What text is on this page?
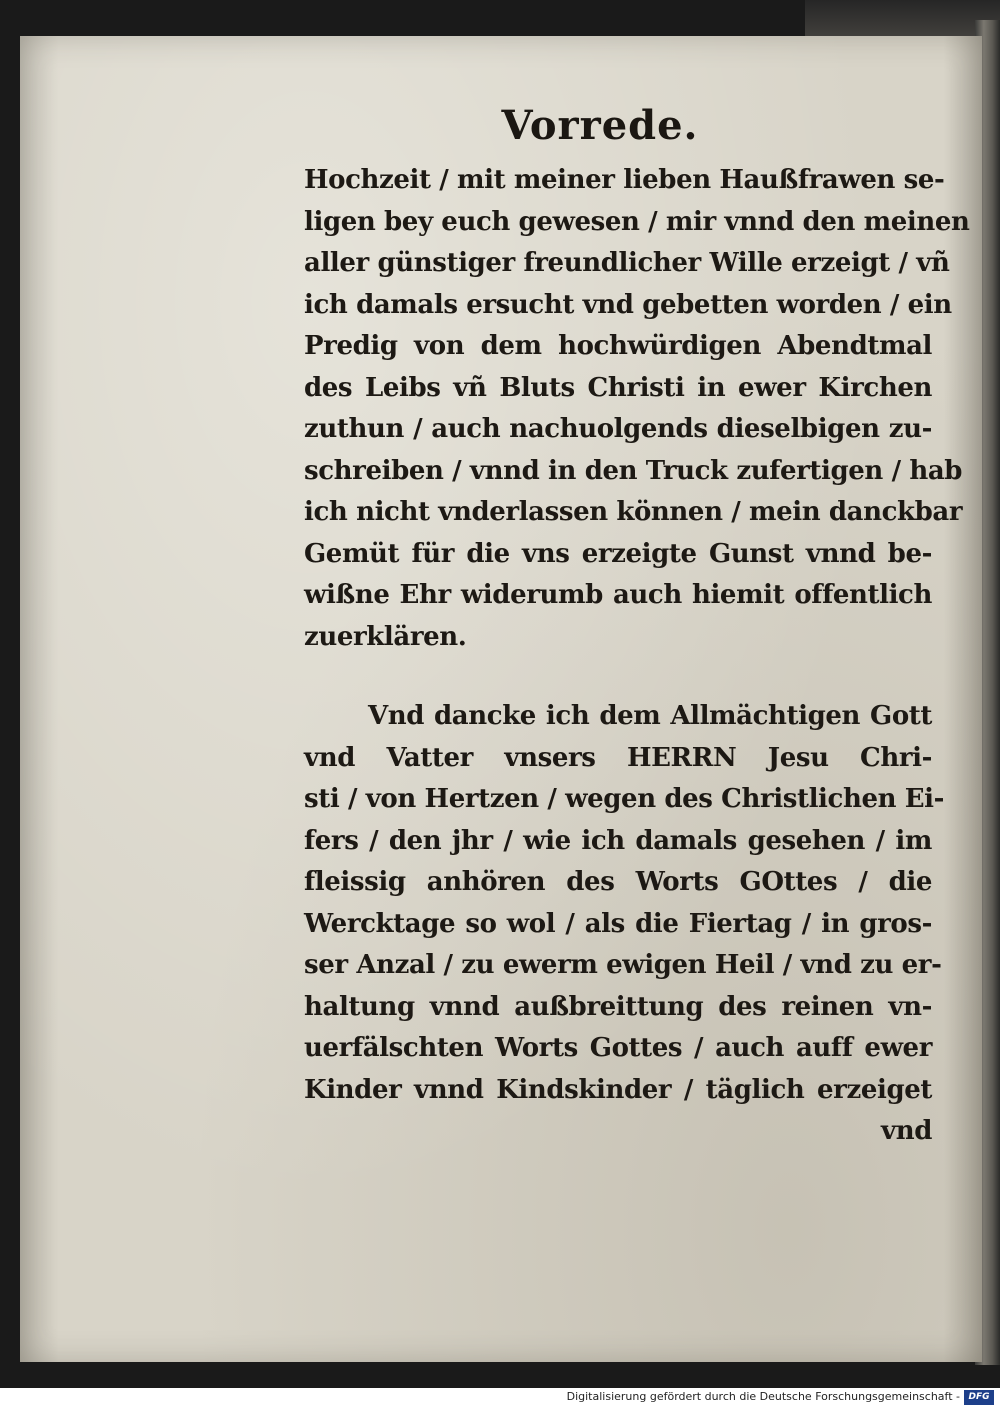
Vorrede.
Hochzeit / mit meiner lieben Haußfrawen se-
ligen bey euch gewesen / mir vnnd den meinen
aller günstiger freundlicher Wille erzeigt / vñ
ich damals ersucht vnd gebetten worden / ein
Predig von dem hochwürdigen Abendtmal
des Leibs vñ Bluts Christi in ewer Kirchen
zuthun / auch nachuolgends dieselbigen zu-
schreiben / vnnd in den Truck zufertigen / hab
ich nicht vnderlassen können / mein danckbar
Gemüt für die vns erzeigte Gunst vnnd be-
wißne Ehr widerumb auch hiemit offentlich
zuerklären.
Vnd dancke ich dem Allmächtigen Gott
vnd Vatter vnsers HERRN Jesu Chri-
sti / von Hertzen / wegen des Christlichen Ei-
fers / den jhr / wie ich damals gesehen / im
fleissig anhören des Worts GOttes / die
Wercktage so wol / als die Fiertag / in gros-
ser Anzal / zu ewerm ewigen Heil / vnd zu er-
haltung vnnd außbreittung des reinen vn-
uerfälschten Worts Gottes / auch auff ewer
Kinder vnnd Kindskinder / täglich erzeiget
vnd
Digitalisierung gefördert durch die Deutsche Forschungsgemeinschaft - DFG
